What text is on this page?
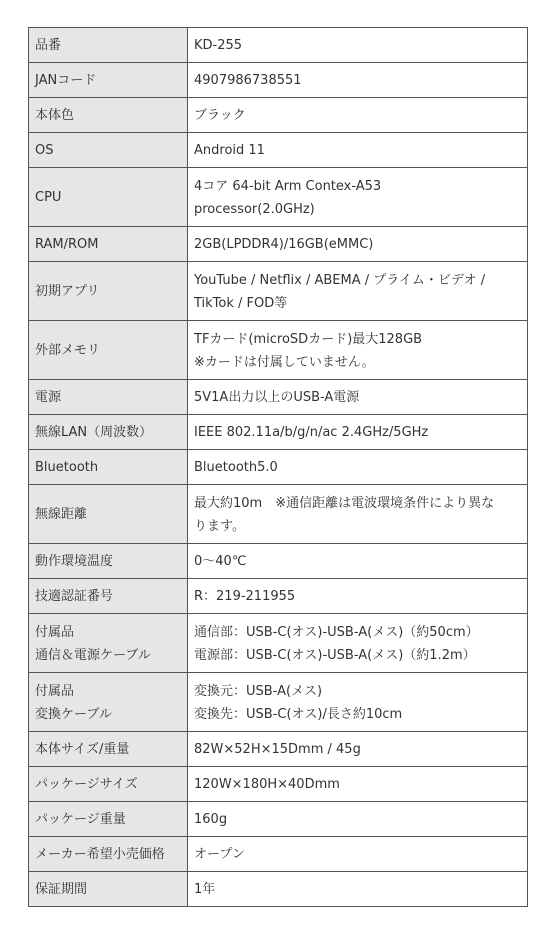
品番	KD-255

JANコード	4907986738551

本体色	ブラック

OS	Android 11

CPU	4コア 64-bit Arm Contex-A53
processor(2.0GHz)

RAM/ROM	2GB(LPDDR4)/16GB(eMMC)

初期アプリ	YouTube / Netflix / ABEMA / プライム・ビデオ /
TikTok / FOD等

外部メモリ	TFカード(microSDカード)最大128GB
※カードは付属していません。

電源	5V1A出力以上のUSB-A電源

無線LAN（周波数）	IEEE 802.11a/b/g/n/ac 2.4GHz/5GHz

Bluetooth	Bluetooth5.0

無線距離	最大約10m　※通信距離は電波環境条件により異な
ります。

動作環境温度	0～40℃

技適認証番号	R：219-211955

付属品
通信＆電源ケーブル	通信部：USB-C(オス)-USB-A(メス)（約50cm）
電源部：USB-C(オス)-USB-A(メス)（約1.2m）

付属品
変換ケーブル	変換元：USB-A(メス)
変換先：USB-C(オス)/長さ約10cm

本体サイズ/重量	82W×52H×15Dmm / 45g

パッケージサイズ	120W×180H×40Dmm

パッケージ重量	160g

メーカー希望小売価格	オープン

保証期間	1年
